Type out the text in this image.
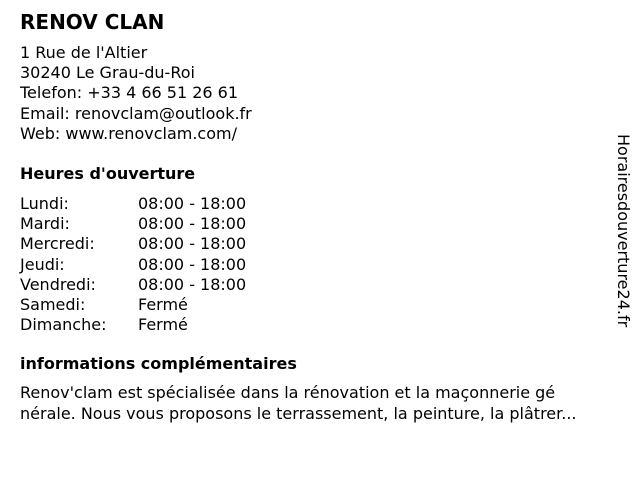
RENOV CLAN
1 Rue de l'Altier
30240 Le Grau-du-Roi
Telefon: +33 4 66 51 26 61
Email: renovclam@outlook.fr
Web: www.renovclam.com/
Heures d'ouverture
Lundi:	08:00 - 18:00
Mardi:	08:00 - 18:00
Mercredi:	08:00 - 18:00
Jeudi:	08:00 - 18:00
Vendredi:	08:00 - 18:00
Samedi:	Fermé
Dimanche: Fermé
informations complémentaires
Renov'clam est spécialisée dans la rénovation et la maçonnerie gé
nérale. Nous vous proposons le terrassement, la peinture, la plâtrer...
Horairesdouverture24.fr
